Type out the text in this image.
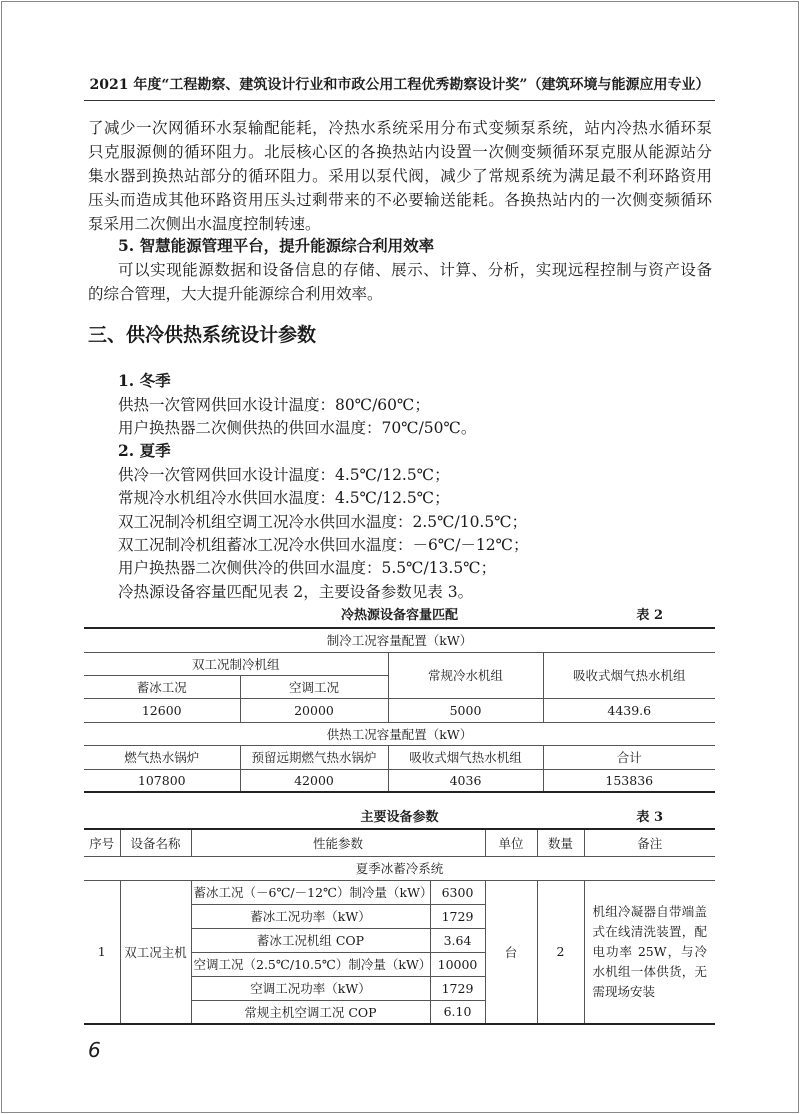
2021 年度“工程勘察、建筑设计行业和市政公用工程优秀勘察设计奖”（建筑环境与能源应用专业）
了减少一次网循环水泵输配能耗，冷热水系统采用分布式变频泵系统，站内冷热水循环泵
只克服源侧的循环阻力。北辰核心区的各换热站内设置一次侧变频循环泵克服从能源站分
集水器到换热站部分的循环阻力。采用以泵代阀，减少了常规系统为满足最不利环路资用
压头而造成其他环路资用压头过剩带来的不必要输送能耗。各换热站内的一次侧变频循环
泵采用二次侧出水温度控制转速。
5. 智慧能源管理平台，提升能源综合利用效率
可以实现能源数据和设备信息的存储、展示、计算、分析，实现远程控制与资产设备
的综合管理，大大提升能源综合利用效率。
三、供冷供热系统设计参数
1. 冬季
供热一次管网供回水设计温度：80℃/60℃；
用户换热器二次侧供热的供回水温度：70℃/50℃。
2. 夏季
供冷一次管网供回水设计温度：4.5℃/12.5℃；
常规冷水机组冷水供回水温度：4.5℃/12.5℃；
双工况制冷机组空调工况冷水供回水温度：2.5℃/10.5℃；
双工况制冷机组蓄冰工况冷水供回水温度：－6℃/－12℃；
用户换热器二次侧供冷的供回水温度：5.5℃/13.5℃；
冷热源设备容量匹配见表 2，主要设备参数见表 3。
冷热源设备容量匹配	表 2
制冷工况容量配置（kW）			
双工况制冷机组		常规冷水机组	吸收式烟气热水机组
蓄冰工况	空调工况		
12600	20000	5000	4439.6
供热工况容量配置（kW）			
燃气热水锅炉	预留远期燃气热水锅炉	吸收式烟气热水机组	合计
107800	42000	4036	153836
主要设备参数	表 3
序号	设备名称	性能参数		单位	数量	备注
夏季冰蓄冷系统						
1	双工况主机	蓄冰工况（－6℃/－12℃）制冷量（kW）	6300	台	2	机组冷凝器自带端盖式在线清洗装置，配电功率 25W，与冷水机组一体供货，无需现场安装
		蓄冰工况功率（kW）	1729			
		蓄冰工况机组 COP	3.64			
		空调工况（2.5℃/10.5℃）制冷量（kW）	10000			
		空调工况功率（kW）	1729			
		常规主机空调工况 COP	6.10			
6
